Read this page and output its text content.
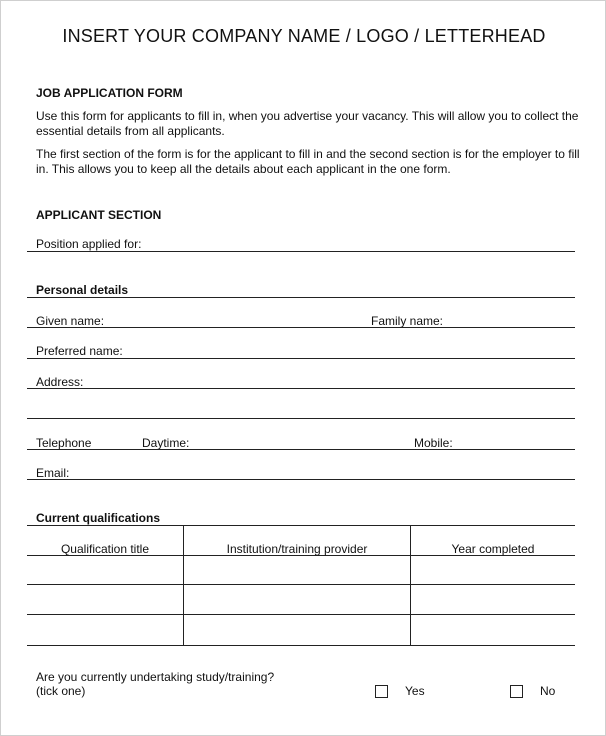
INSERT YOUR COMPANY NAME / LOGO / LETTERHEAD
JOB APPLICATION FORM
Use this form for applicants to fill in, when you advertise your vacancy. This will allow you to collect the essential details from all applicants.
The first section of the form is for the applicant to fill in and the second section is for the employer to fill in. This allows you to keep all the details about each applicant in the one form.
APPLICANT SECTION
Position applied for:
Personal details
Given name:	Family name:
Preferred name:
Address:
Telephone	Daytime:	Mobile:
Email:
Current qualifications
Qualification title	Institution/training provider	Year completed
Are you currently undertaking study/training?
(tick one)	Yes	No
